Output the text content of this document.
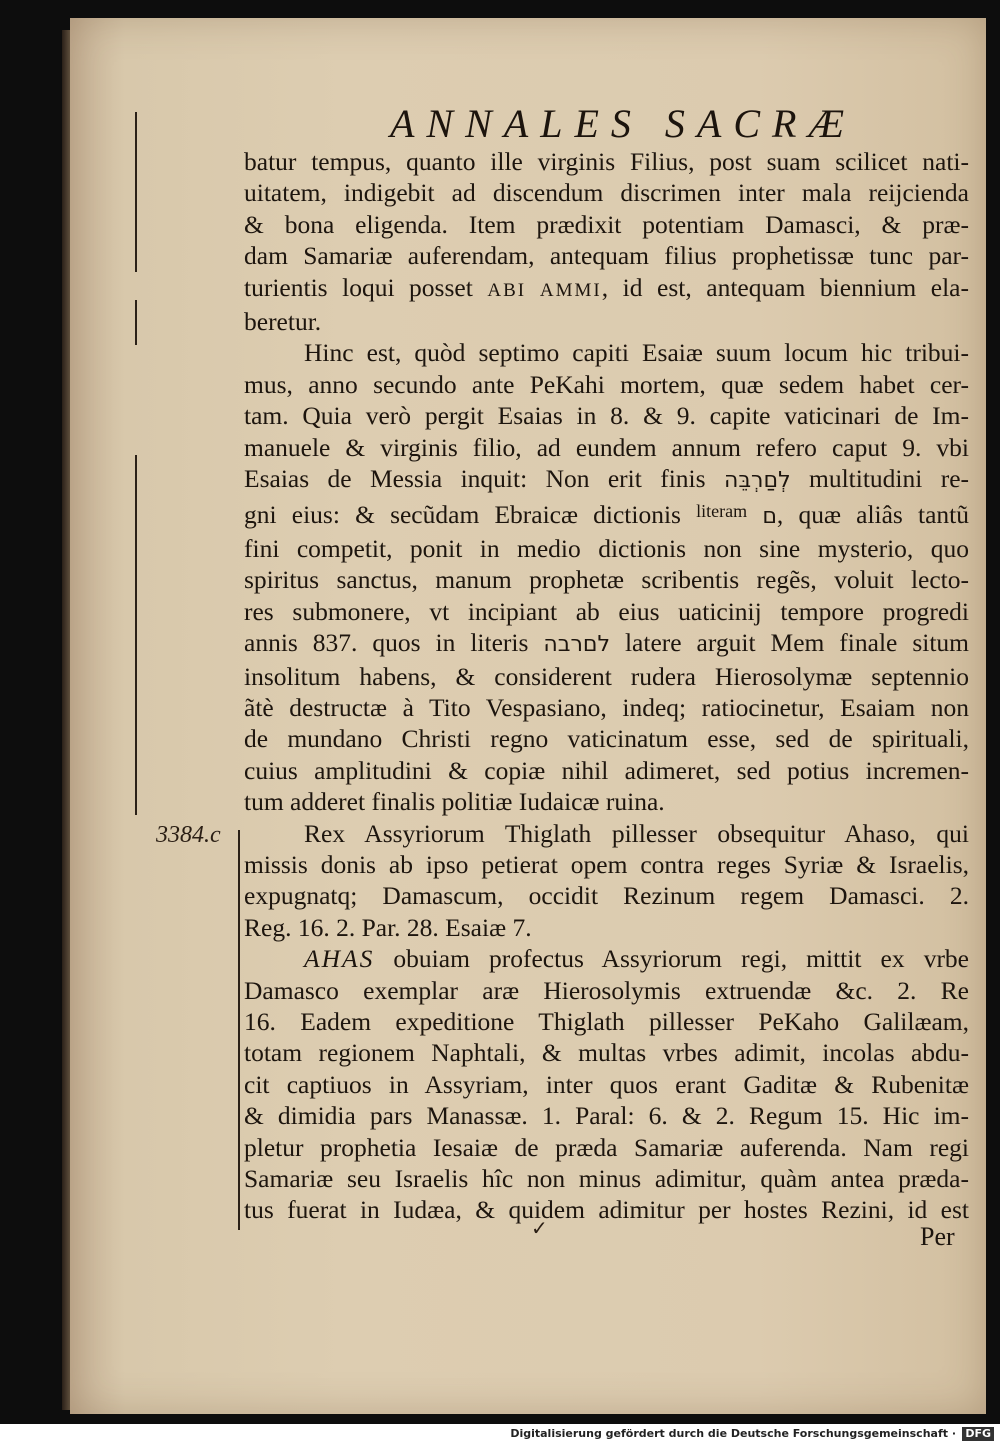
ANNALES SACRÆ
batur tempus, quanto ille virginis Filius, post suam scilicet nati-
uitatem, indigebit ad discendum discrimen inter mala reijcienda
& bona eligenda. Item prædixit potentiam Damasci, & præ-
dam Samariæ auferendam, antequam filius prophetissæ tunc par-
turientis loqui posset ABI AMMI, id est, antequam biennium ela-
beretur.
Hinc est, quòd septimo capiti Esaiæ suum locum hic tribui-
mus, anno secundo ante PeKahi mortem, quæ sedem habet cer-
tam. Quia verò pergit Esaias in 8. & 9. capite vaticinari de Im-
manuele & virginis filio, ad eundem annum refero caput 9. vbi
Esaias de Messia inquit: Non erit finis לְםַרְבֵּה multitudini re-
gni eius: & secũdam Ebraicæ dictionis $^{literam}$ ם, quæ aliâs tantũ
fini competit, ponit in medio dictionis non sine mysterio, quo
spiritus sanctus, manum prophetæ scribentis regẽs, voluit lecto-
res submonere, vt incipiant ab eius uaticinij tempore progredi
annis 837. quos in literis לםרבה latere arguit Mem finale situm
insolitum habens, & considerent rudera Hierosolymæ septennio
ãtè destructæ à Tito Vespasiano, indeq; ratiocinetur, Esaiam non
de mundano Christi regno vaticinatum esse, sed de spirituali,
cuius amplitudini & copiæ nihil adimeret, sed potius incremen-
tum adderet finalis politiæ Iudaicæ ruina.
Rex Assyriorum Thiglath pillesser obsequitur Ahaso, qui
missis donis ab ipso petierat opem contra reges Syriæ & Israelis,
expugnatq; Damascum, occidit Rezinum regem Damasci. 2.
Reg. 16. 2. Par. 28. Esaiæ 7.
AHAS obuiam profectus Assyriorum regi, mittit ex vrbe
Damasco exemplar aræ Hierosolymis extruendæ &c. 2. Re
16. Eadem expeditione Thiglath pillesser PeKaho Galilæam,
totam regionem Naphtali, & multas vrbes adimit, incolas abdu-
cit captiuos in Assyriam, inter quos erant Gaditæ & Rubenitæ
& dimidia pars Manassæ. 1. Paral: 6. & 2. Regum 15. Hic im-
pletur prophetia Iesaiæ de præda Samariæ auferenda. Nam regi
Samariæ seu Israelis hîc non minus adimitur, quàm antea prædа-
tus fuerat in Iudæa, & quidem adimitur per hostes Rezini, id est
3384.c
✓	Per
Digitalisierung gefördert durch die Deutsche Forschungsgemeinschaft · DFG
